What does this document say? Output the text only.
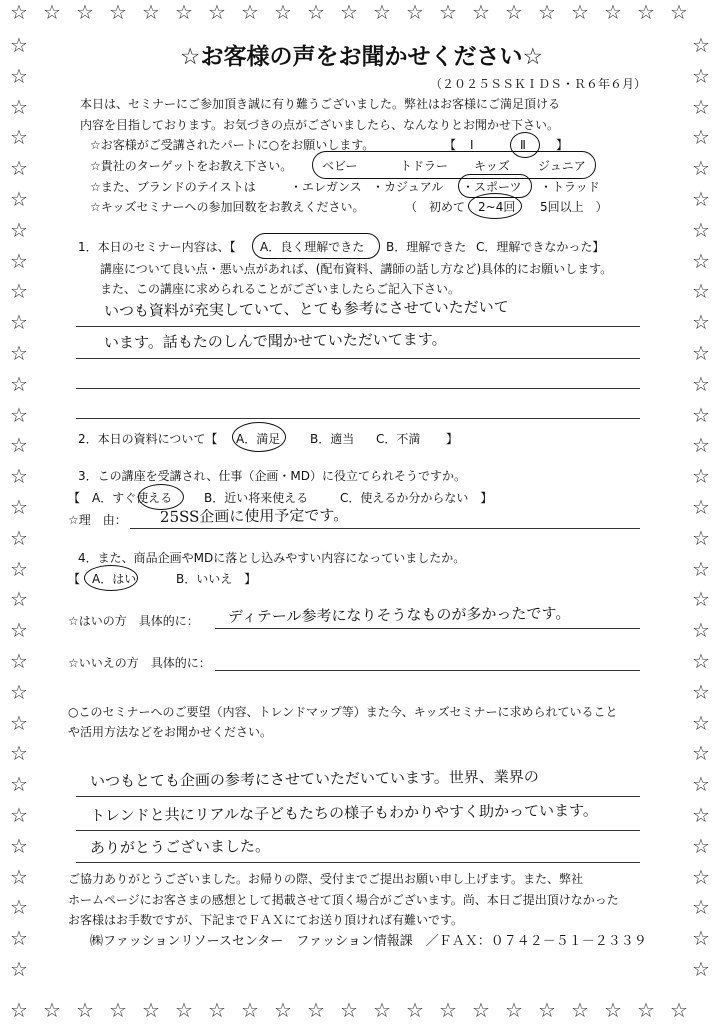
☆
☆
☆
☆
☆
☆
☆
☆
☆
☆
☆
☆
☆
☆
☆
☆
☆
☆
☆
☆
☆
☆
☆
☆
☆
☆
☆
☆
☆
☆
☆
☆
☆
☆
☆
☆
☆
☆
☆
☆
☆
☆
☆	☆
☆	☆
☆	☆
☆	☆
☆	☆
☆	☆
☆	☆
☆	☆
☆	☆
☆	☆
☆	☆
☆	☆
☆	☆
☆	☆
☆	☆
☆	☆
☆	☆
☆	☆
☆	☆
☆	☆
☆	☆
☆	☆
☆	☆
☆	☆
☆	☆
☆	☆
☆	☆
☆	☆
☆	☆
☆	☆
☆	☆
☆お客様の声をお聞かせください☆
（２０２５ＳＳＫＩＤＳ・Ｒ６年６月）
本日は、セミナーにご参加頂き誠に有り難うございました。弊社はお客様にご満足頂ける
内容を目指しております。お気づきの点がございましたら、なんなりとお聞かせ下さい。
☆お客様がご受講されたパートに○をお願いします。	【 Ⅰ	Ⅱ	】
☆貴社のターゲットをお教え下さい。 ベビー	トドラー キッズ ジュニア
☆また、ブランドのテイストは	・エレガンス ・カジュアル ・スポーツ ・トラッド
☆キッズセミナーへの参加回数をお教えください。	（　初めて 2~4回 5回以上　）
1．本日のセミナー内容は、【 A．良く理解できた B．理解できた C．理解できなかった】
講座について良い点・悪い点があれば、(配布資料、講師の話し方など)具体的にお願いします。
また、この講座に求められることがございましたらご記入下さい。
いつも資料が充実していて、とても参考にさせていただいて
います。話もたのしんで聞かせていただいてます。
2．本日の資料について【 A．満足 B．適当 C．不満 】
3．この講座を受講され、仕事（企画・MD）に役立てられそうですか。
【　A．すぐ使える	B．近い将来使える	C．使えるか分からない　】
☆理　由： 25SS企画に使用予定です。
4．また、商品企画やMDに落とし込みやすい内容になっていましたか。
【　A．はい	B．いいえ　】
☆はいの方　具体的に： ディテール参考になりそうなものが多かったです。
☆いいえの方　具体的に：
○このセミナーへのご要望（内容、トレンドマップ等）また今、キッズセミナーに求められていること
や活用方法などをお聞かせください。
いつもとても企画の参考にさせていただいています。世界、業界の
トレンドと共にリアルな子どもたちの様子もわかりやすく助かっています。
ありがとうございました。
ご協力ありがとうございました。お帰りの際、受付までご提出お願い申し上げます。また、弊社
ホームページにお客さまの感想として掲載させて頂く場合がございます。尚、本日ご提出頂けなかった
お客様はお手数ですが、下記までＦＡＸにてお送り頂ければ有難いです。
㈱ファッションリソースセンター　ファッション情報課　／ＦＡＸ：０７４２－５１－２３３９
